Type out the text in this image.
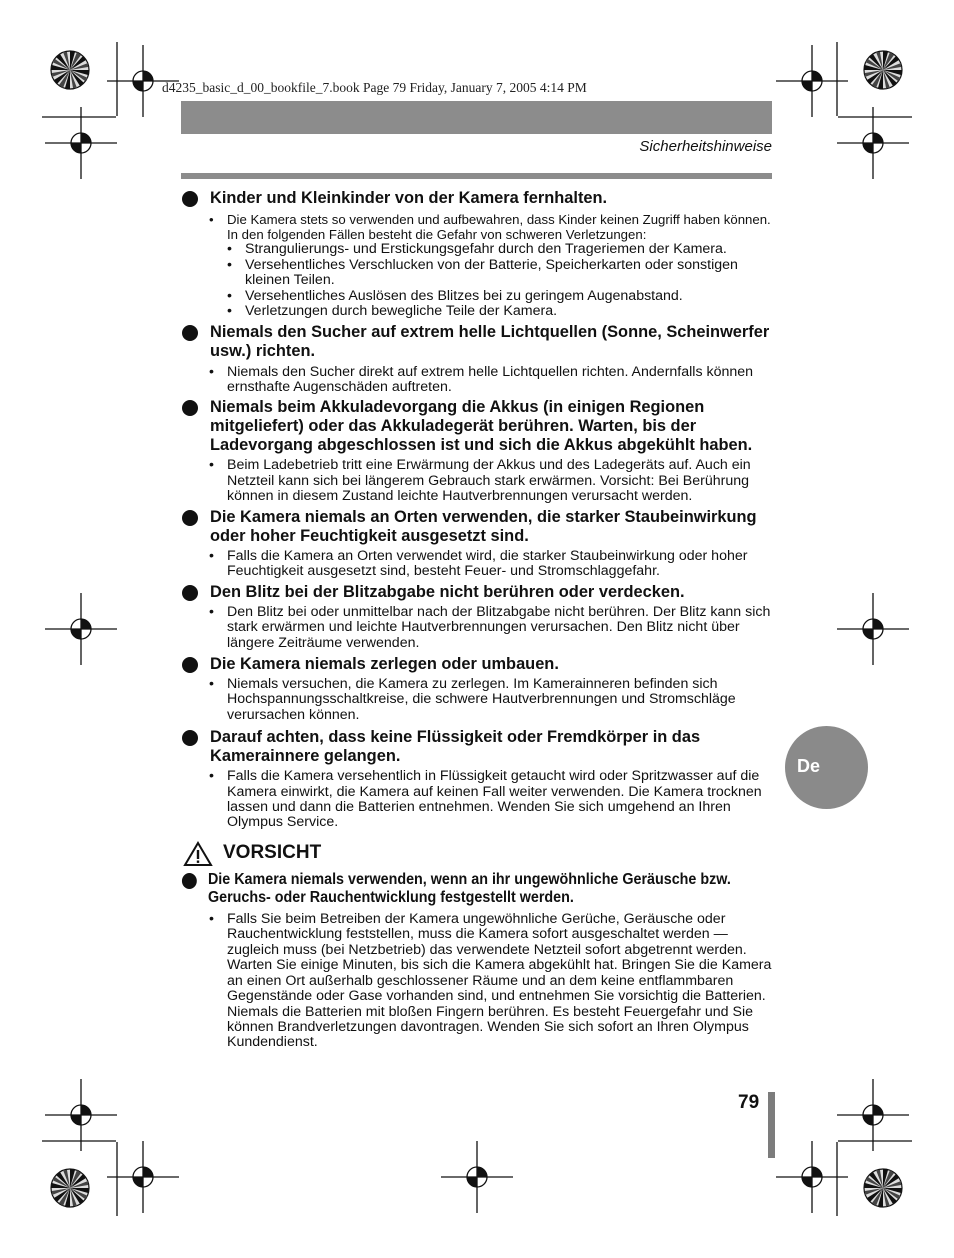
d4235_basic_d_00_bookfile_7.book Page 79 Friday, January 7, 2005 4:14 PM
Sicherheitshinweise
Kinder und Kleinkinder von der Kamera fernhalten.
• Die Kamera stets so verwenden und aufbewahren, dass Kinder keinen Zugriff haben können. In den folgenden Fällen besteht die Gefahr von schweren Verletzungen:
• Strangulierungs- und Erstickungsgefahr durch den Trageriemen der Kamera.
• Versehentliches Verschlucken von der Batterie, Speicherkarten oder sonstigen kleinen Teilen.
• Versehentliches Auslösen des Blitzes bei zu geringem Augenabstand.
• Verletzungen durch bewegliche Teile der Kamera.
Niemals den Sucher auf extrem helle Lichtquellen (Sonne, Scheinwerfer usw.) richten.
• Niemals den Sucher direkt auf extrem helle Lichtquellen richten. Andernfalls können ernsthafte Augenschäden auftreten.
Niemals beim Akkuladevorgang die Akkus (in einigen Regionen mitgeliefert) oder das Akkuladegerät berühren. Warten, bis der Ladevorgang abgeschlossen ist und sich die Akkus abgekühlt haben.
• Beim Ladebetrieb tritt eine Erwärmung der Akkus und des Ladegeräts auf. Auch ein Netzteil kann sich bei längerem Gebrauch stark erwärmen. Vorsicht: Bei Berührung können in diesem Zustand leichte Hautverbrennungen verursacht werden.
Die Kamera niemals an Orten verwenden, die starker Staubeinwirkung oder hoher Feuchtigkeit ausgesetzt sind.
• Falls die Kamera an Orten verwendet wird, die starker Staubeinwirkung oder hoher Feuchtigkeit ausgesetzt sind, besteht Feuer- und Stromschlaggefahr.
Den Blitz bei der Blitzabgabe nicht berühren oder verdecken.
• Den Blitz bei oder unmittelbar nach der Blitzabgabe nicht berühren. Der Blitz kann sich stark erwärmen und leichte Hautverbrennungen verursachen. Den Blitz nicht über längere Zeiträume verwenden.
Die Kamera niemals zerlegen oder umbauen.
• Niemals versuchen, die Kamera zu zerlegen. Im Kamerainneren befinden sich Hochspannungsschaltkreise, die schwere Hautverbrennungen und Stromschläge verursachen können.
Darauf achten, dass keine Flüssigkeit oder Fremdkörper in das Kamerainnere gelangen.
• Falls die Kamera versehentlich in Flüssigkeit getaucht wird oder Spritzwasser auf die Kamera einwirkt, die Kamera auf keinen Fall weiter verwenden. Die Kamera trocknen lassen und dann die Batterien entnehmen. Wenden Sie sich umgehend an Ihren Olympus Service.
VORSICHT
Die Kamera niemals verwenden, wenn an ihr ungewöhnliche Geräusche bzw. Geruchs- oder Rauchentwicklung festgestellt werden.
• Falls Sie beim Betreiben der Kamera ungewöhnliche Gerüche, Geräusche oder Rauchentwicklung feststellen, muss die Kamera sofort ausgeschaltet werden — zugleich muss (bei Netzbetrieb) das verwendete Netzteil sofort abgetrennt werden. Warten Sie einige Minuten, bis sich die Kamera abgekühlt hat. Bringen Sie die Kamera an einen Ort außerhalb geschlossener Räume und an dem keine entflammbaren Gegenstände oder Gase vorhanden sind, und entnehmen Sie vorsichtig die Batterien. Niemals die Batterien mit bloßen Fingern berühren. Es besteht Feuergefahr und Sie können Brandverletzungen davontragen. Wenden Sie sich sofort an Ihren Olympus Kundendienst.
De
79
